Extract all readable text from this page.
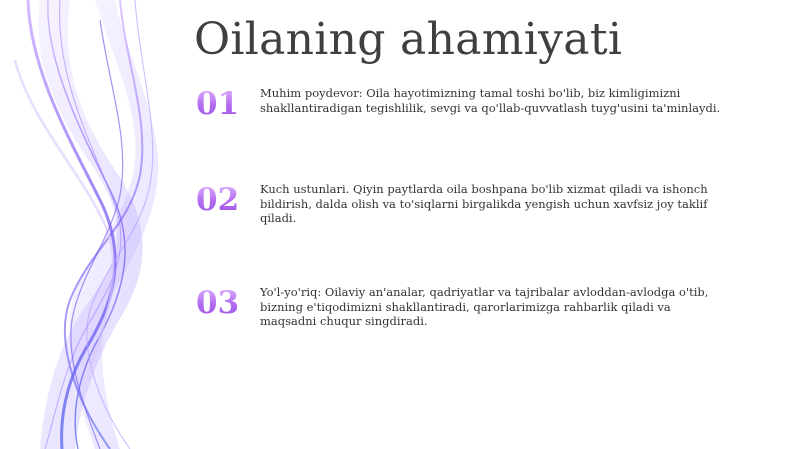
Oilaning ahamiyati
01 Muhim poydevor: Oila hayotimizning tamal toshi bo'lib, biz kimligimizni shakllantiradigan tegishlilik, sevgi va qo'llab-quvvatlash tuyg'usini ta'minlaydi.
02 Kuch ustunlari. Qiyin paytlarda oila boshpana bo'lib xizmat qiladi va ishonch bildirish, dalda olish va to'siqlarni birgalikda yengish uchun xavfsiz joy taklif qiladi.
03 Yo'l-yo'riq: Oilaviy an'analar, qadriyatlar va tajribalar avloddan-avlodga o'tib, bizning e'tiqodimizni shakllantiradi, qarorlarimizga rahbarlik qiladi va maqsadni chuqur singdiradi.
